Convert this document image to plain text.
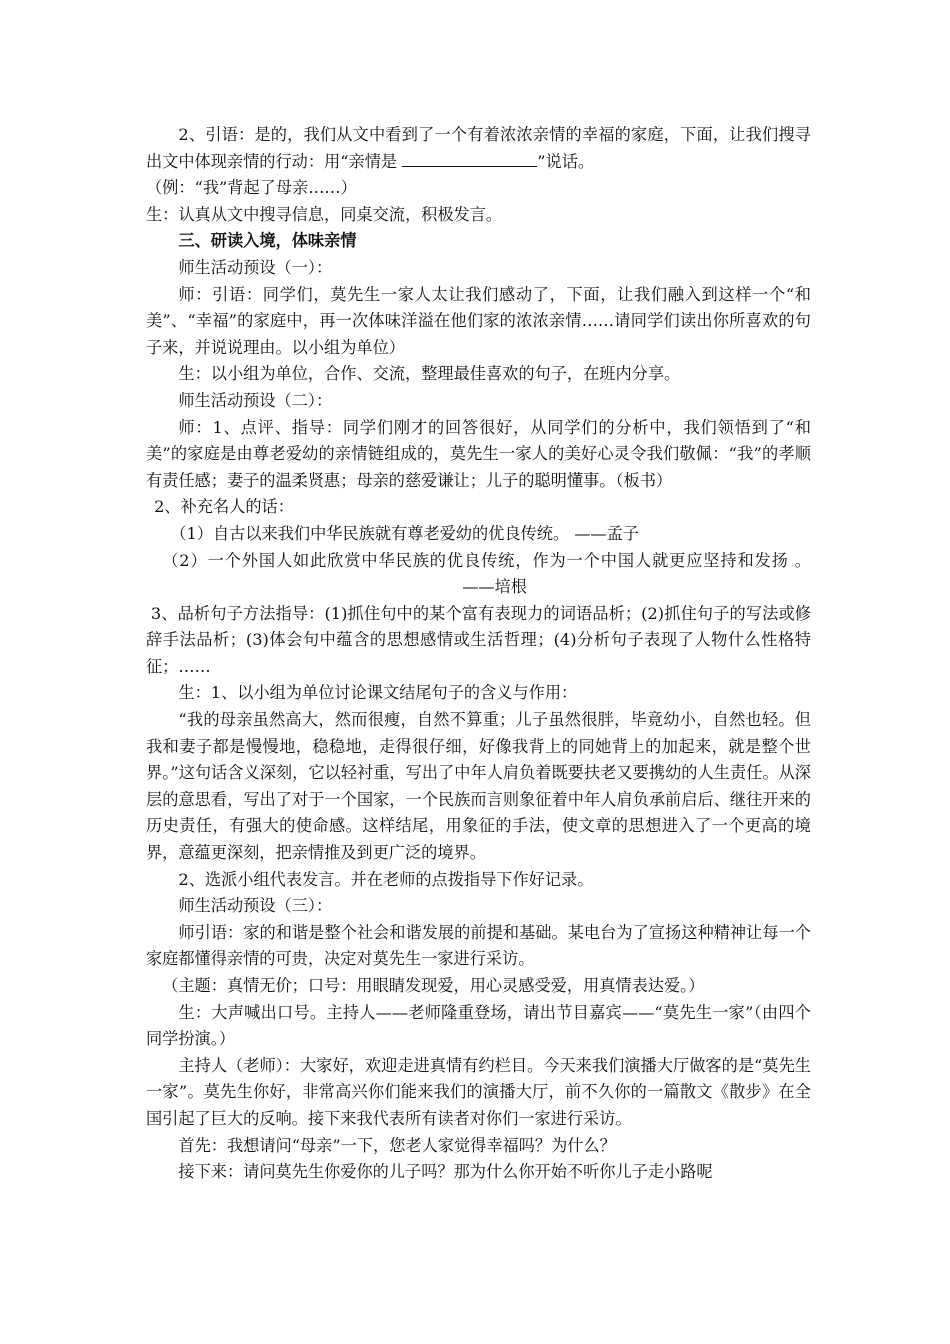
2、引语：是的，我们从文中看到了一个有着浓浓亲情的幸福的家庭，下面，让我们搜寻出文中体现亲情的行动：用“亲情是	”说话。

（例：“我”背起了母亲……）

生：认真从文中搜寻信息，同桌交流，积极发言。

三、研读入境，体味亲情

师生活动预设（一）：

师：引语：同学们，莫先生一家人太让我们感动了，下面，让我们融入到这样一个“和美”、“幸福”的家庭中，再一次体味洋溢在他们家的浓浓亲情……请同学们读出你所喜欢的句子来，并说说理由。以小组为单位）

生：以小组为单位，合作、交流，整理最佳喜欢的句子，在班内分享。

师生活动预设（二）：

师：1、点评、指导：同学们刚才的回答很好，从同学们的分析中，我们领悟到了“和美”的家庭是由尊老爱幼的亲情链组成的，莫先生一家人的美好心灵令我们敬佩：“我”的孝顺有责任感；妻子的温柔贤惠；母亲的慈爱谦让；儿子的聪明懂事。（板书）

2、补充名人的话：

（1）自古以来我们中华民族就有尊老爱幼的优良传统。 ——孟子

（2）一个外国人如此欣赏中华民族的优良传统，作为一个中国人就更应坚持和发扬 。——培根

3、品析句子方法指导：(1)抓住句中的某个富有表现力的词语品析；(2)抓住句子的写法或修辞手法品析；(3)体会句中蕴含的思想感情或生活哲理；(4)分析句子表现了人物什么性格特征；……

生：1、以小组为单位讨论课文结尾句子的含义与作用：

“我的母亲虽然高大，然而很瘦，自然不算重；儿子虽然很胖，毕竟幼小，自然也轻。但我和妻子都是慢慢地，稳稳地，走得很仔细，好像我背上的同她背上的加起来，就是整个世界。”这句话含义深刻，它以轻衬重，写出了中年人肩负着既要扶老又要携幼的人生责任。从深层的意思看，写出了对于一个国家，一个民族而言则象征着中年人肩负承前启后、继往开来的历史责任，有强大的使命感。这样结尾，用象征的手法，使文章的思想进入了一个更高的境界，意蕴更深刻，把亲情推及到更广泛的境界。

2、选派小组代表发言。并在老师的点拨指导下作好记录。

师生活动预设（三）：

师引语：家的和谐是整个社会和谐发展的前提和基础。某电台为了宣扬这种精神让每一个家庭都懂得亲情的可贵，决定对莫先生一家进行采访。

（主题：真情无价；口号：用眼睛发现爱，用心灵感受爱，用真情表达爱。）

生：大声喊出口号。主持人——老师隆重登场，请出节目嘉宾——“莫先生一家”（由四个同学扮演。）

主持人（老师）：大家好，欢迎走进真情有约栏目。今天来我们演播大厅做客的是“莫先生一家”。莫先生你好，非常高兴你们能来我们的演播大厅，前不久你的一篇散文《散步》在全国引起了巨大的反响。接下来我代表所有读者对你们一家进行采访。

首先：我想请问“母亲”一下，您老人家觉得幸福吗？为什么？

接下来：请问莫先生你爱你的儿子吗？那为什么你开始不听你儿子走小路呢
